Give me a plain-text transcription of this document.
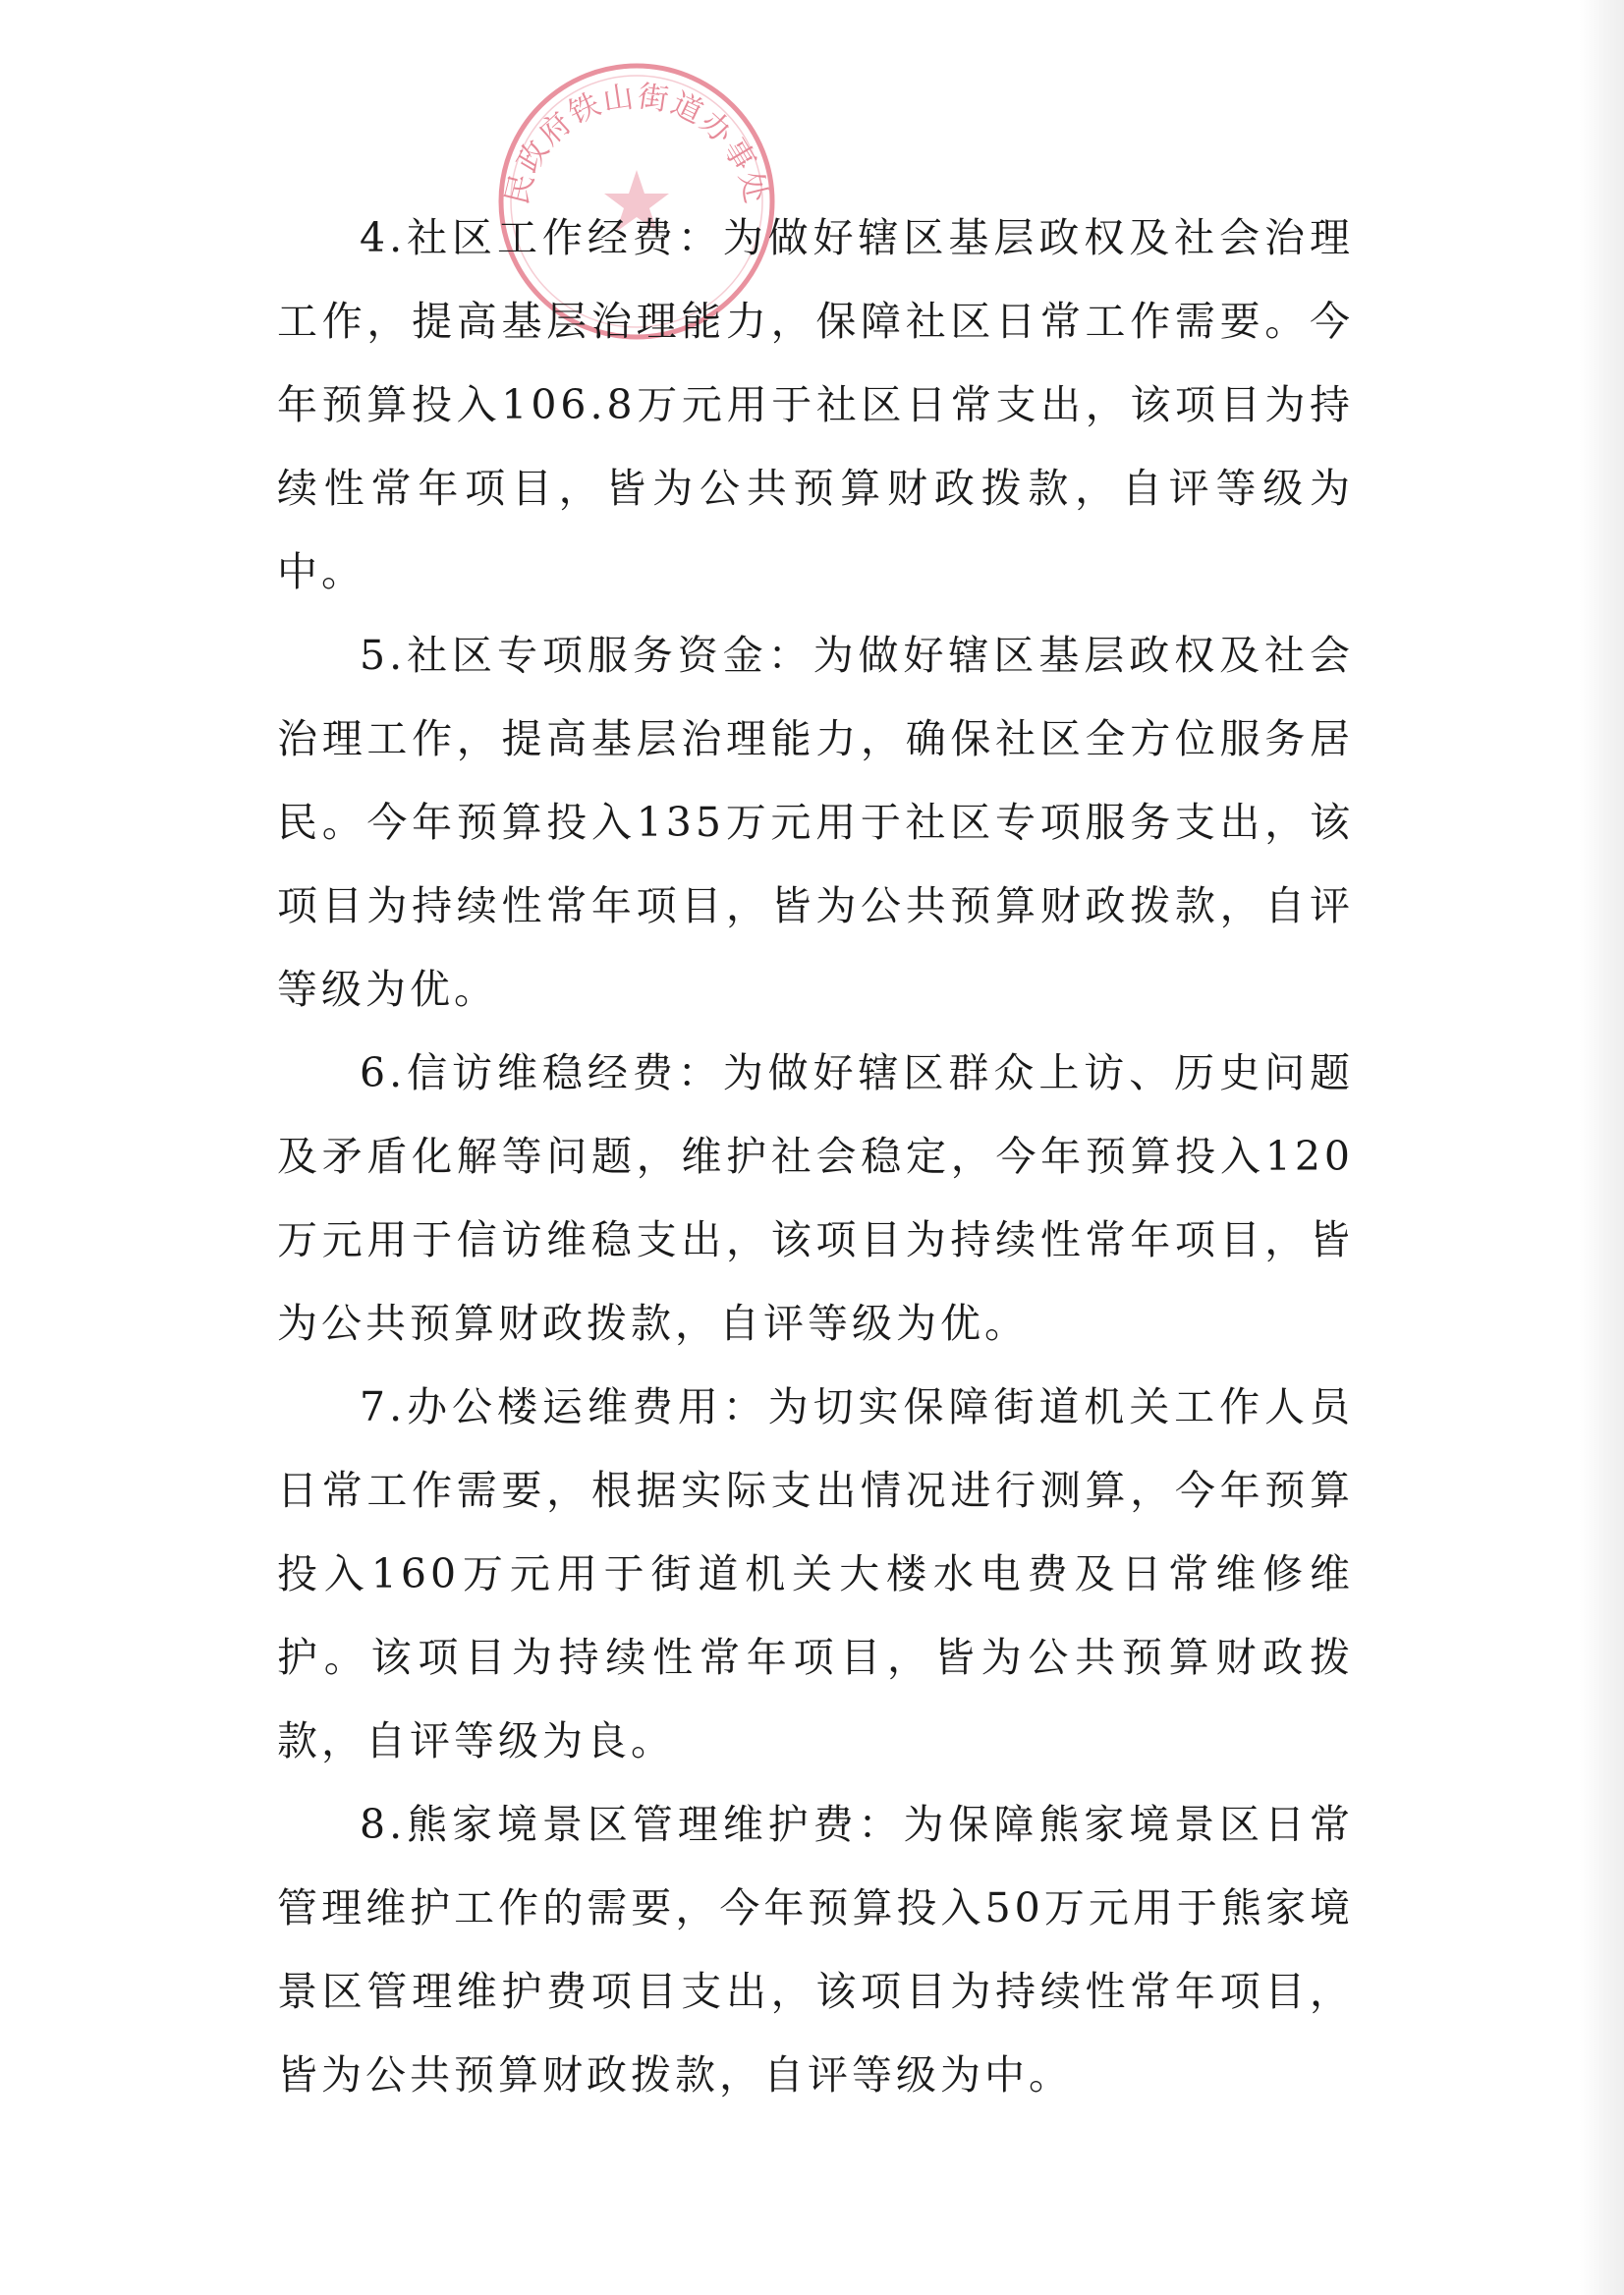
民政府铁山街道办事处

4.社区工作经费：为做好辖区基层政权及社会治理工作，提高基层治理能力，保障社区日常工作需要。今年预算投入106.8万元用于社区日常支出，该项目为持续性常年项目，皆为公共预算财政拨款，自评等级为中。

5.社区专项服务资金：为做好辖区基层政权及社会治理工作，提高基层治理能力，确保社区全方位服务居民。今年预算投入135万元用于社区专项服务支出，该项目为持续性常年项目，皆为公共预算财政拨款，自评等级为优。

6.信访维稳经费：为做好辖区群众上访、历史问题及矛盾化解等问题，维护社会稳定，今年预算投入120万元用于信访维稳支出，该项目为持续性常年项目，皆为公共预算财政拨款，自评等级为优。

7.办公楼运维费用：为切实保障街道机关工作人员日常工作需要，根据实际支出情况进行测算，今年预算投入160万元用于街道机关大楼水电费及日常维修维护。该项目为持续性常年项目，皆为公共预算财政拨款，自评等级为良。

8.熊家境景区管理维护费：为保障熊家境景区日常管理维护工作的需要，今年预算投入50万元用于熊家境景区管理维护费项目支出，该项目为持续性常年项目，皆为公共预算财政拨款，自评等级为中。
